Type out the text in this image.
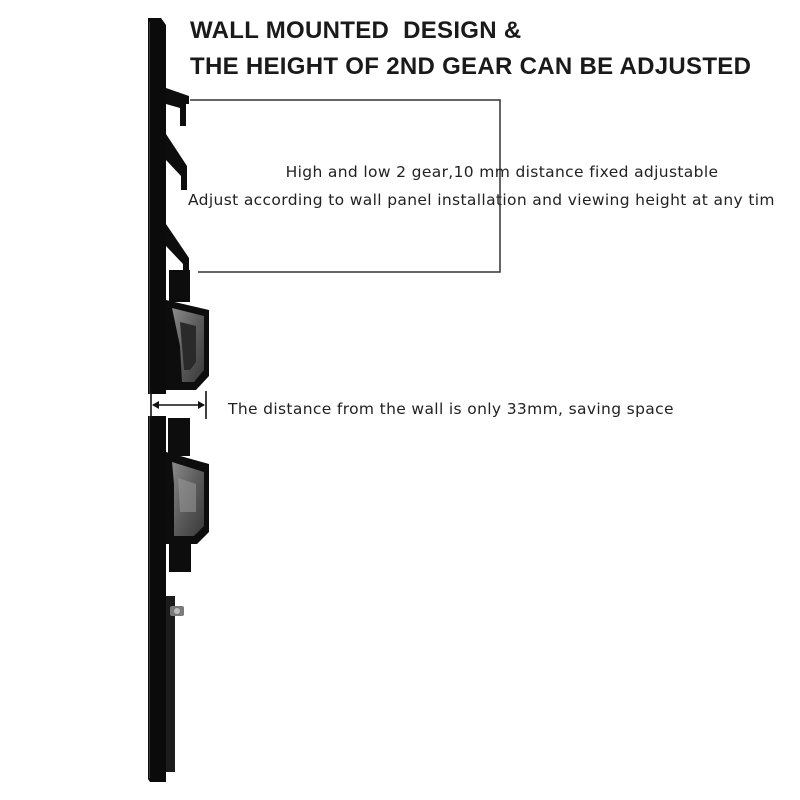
WALL MOUNTED  DESIGN &
THE HEIGHT OF 2ND GEAR CAN BE ADJUSTED
High and low 2 gear,10 mm distance fixed adjustable
Adjust according to wall panel installation and viewing height at any tim
The distance from the wall is only 33mm, saving space
